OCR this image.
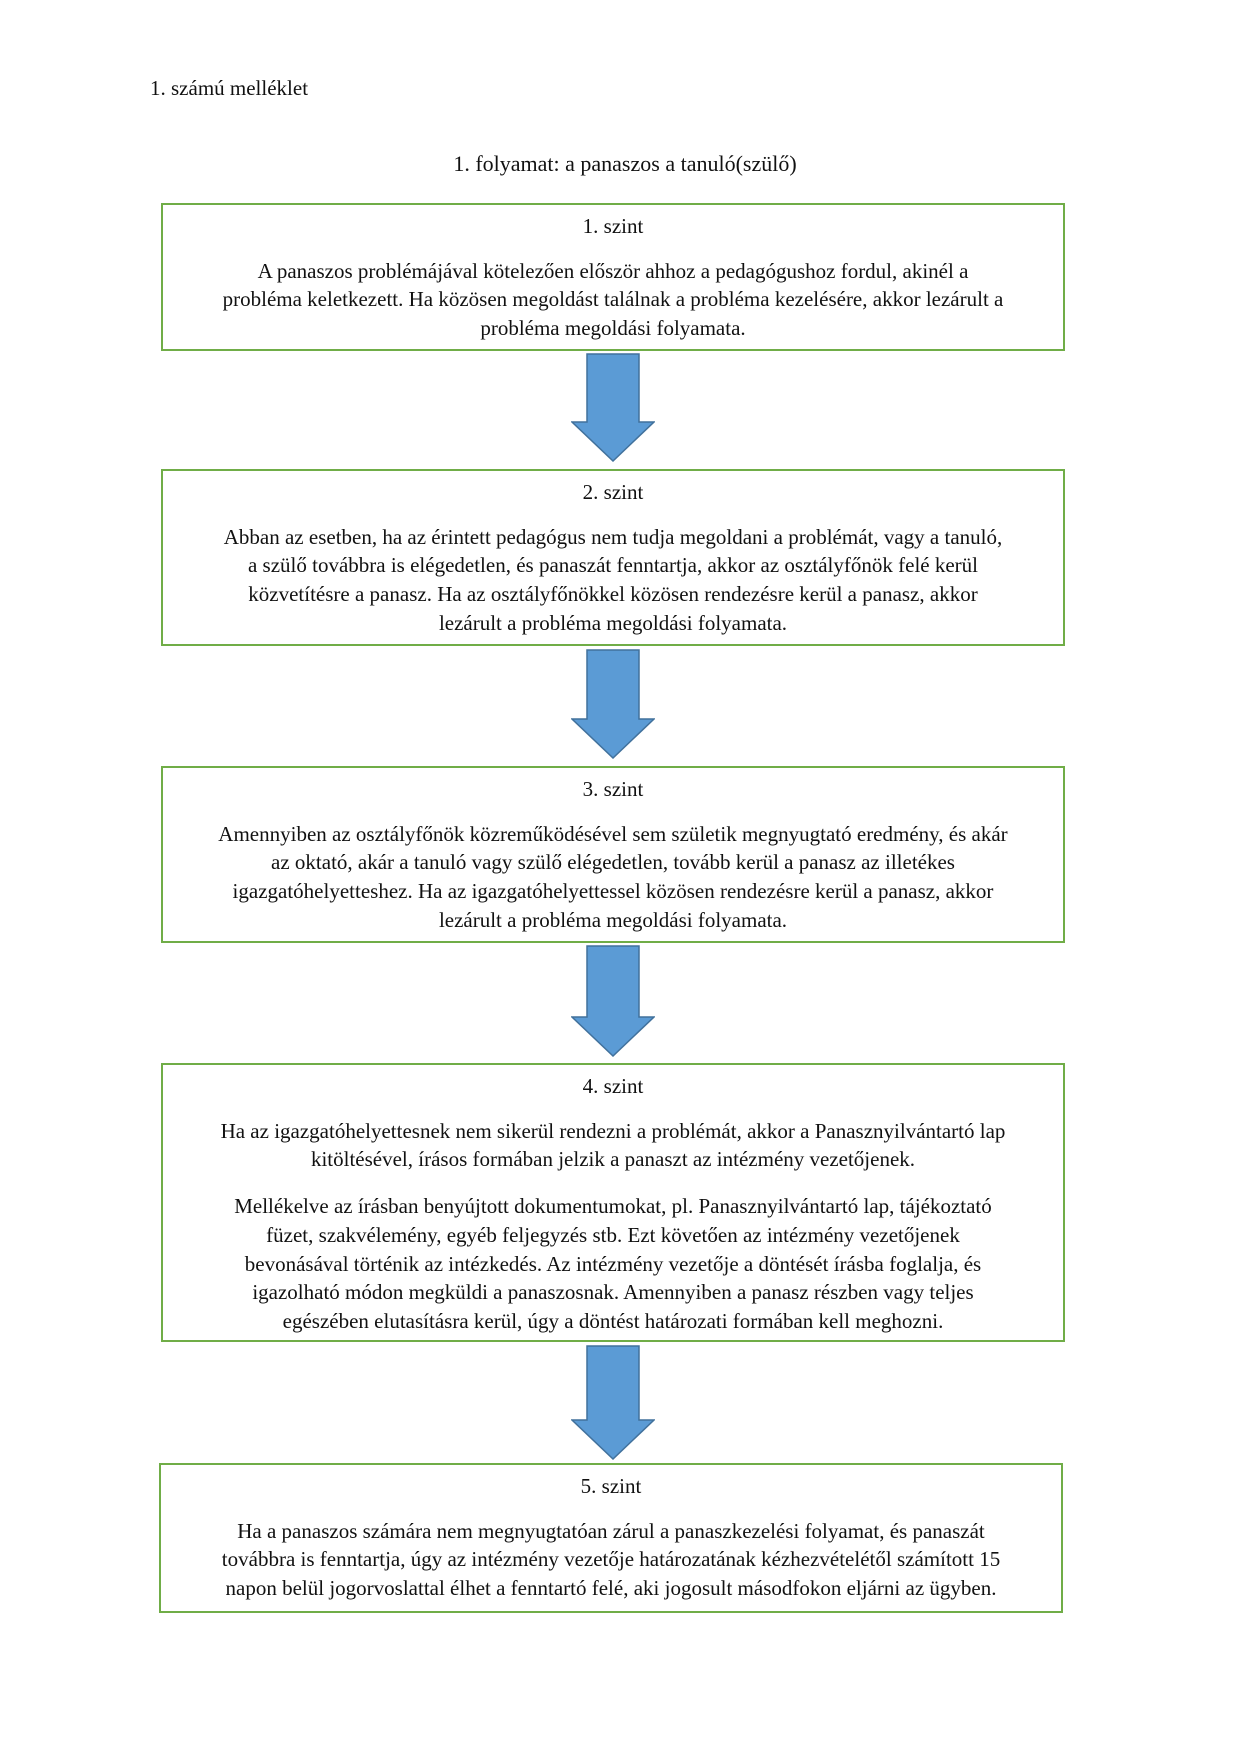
1. számú melléklet
1. folyamat: a panaszos a tanuló(szülő)
1. szint

A panaszos problémájával kötelezően először ahhoz a pedagógushoz fordul, akinél a
probléma keletkezett. Ha közösen megoldást találnak a probléma kezelésére, akkor lezárult a
probléma megoldási folyamata.

2. szint

Abban az esetben, ha az érintett pedagógus nem tudja megoldani a problémát, vagy a tanuló,
a szülő továbbra is elégedetlen, és panaszát fenntartja, akkor az osztályfőnök felé kerül
közvetítésre a panasz. Ha az osztályfőnökkel közösen rendezésre kerül a panasz, akkor
lezárult a probléma megoldási folyamata.

3. szint

Amennyiben az osztályfőnök közreműködésével sem születik megnyugtató eredmény, és akár
az oktató, akár a tanuló vagy szülő elégedetlen, tovább kerül a panasz az illetékes
igazgatóhelyetteshez. Ha az igazgatóhelyettessel közösen rendezésre kerül a panasz, akkor
lezárult a probléma megoldási folyamata.

4. szint

Ha az igazgatóhelyettesnek nem sikerül rendezni a problémát, akkor a Panasznyilvántartó lap
kitöltésével, írásos formában jelzik a panaszt az intézmény vezetőjenek.

Mellékelve az írásban benyújtott dokumentumokat, pl. Panasznyilvántartó lap, tájékoztató
füzet, szakvélemény, egyéb feljegyzés stb. Ezt követően az intézmény vezetőjenek
bevonásával történik az intézkedés. Az intézmény vezetője a döntését írásba foglalja, és
igazolható módon megküldi a panaszosnak. Amennyiben a panasz részben vagy teljes
egészében elutasításra kerül, úgy a döntést határozati formában kell meghozni.

5. szint

Ha a panaszos számára nem megnyugtatóan zárul a panaszkezelési folyamat, és panaszát
továbbra is fenntartja, úgy az intézmény vezetője határozatának kézhezvételétől számított 15
napon belül jogorvoslattal élhet a fenntartó felé, aki jogosult másodfokon eljárni az ügyben.
